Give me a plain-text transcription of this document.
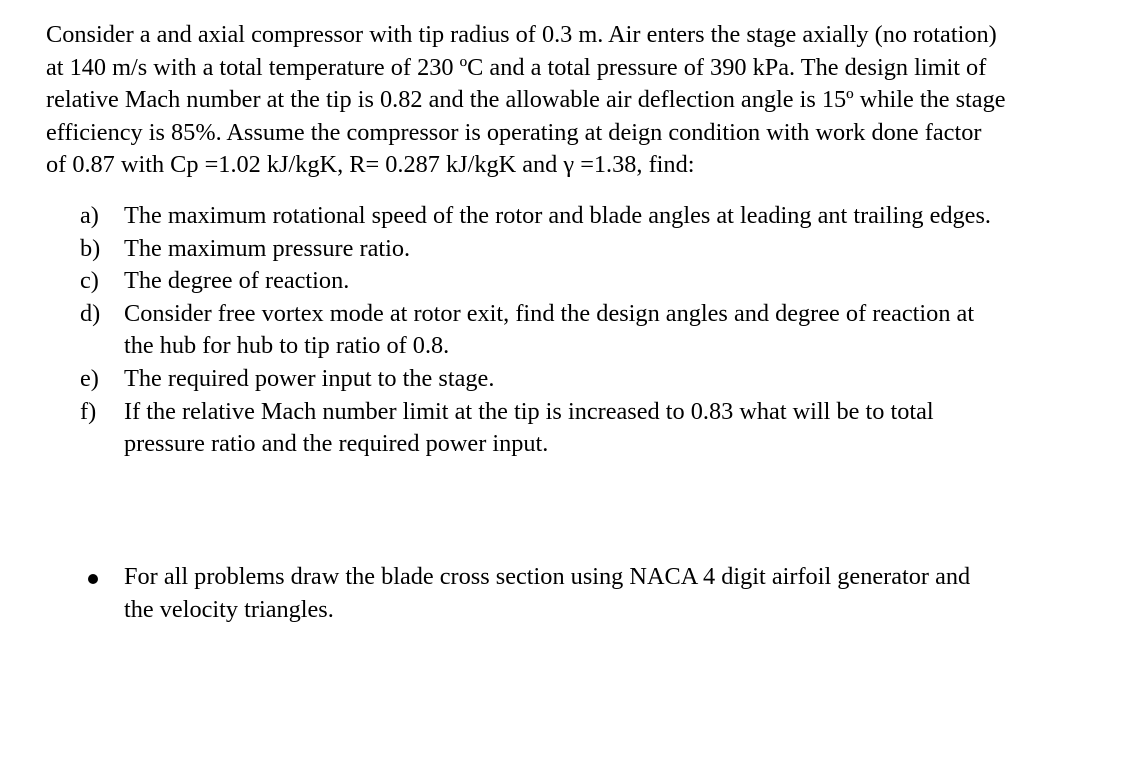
Consider a and axial compressor with tip radius of 0.3 m. Air enters the stage axially (no rotation)
at 140 m/s with a total temperature of 230 ºC and a total pressure of 390 kPa. The design limit of
relative Mach number at the tip is 0.82 and the allowable air deflection angle is 15º while the stage
efficiency is 85%. Assume the compressor is operating at deign condition with work done factor
of 0.87 with Cp =1.02 kJ/kgK, R= 0.287 kJ/kgK and γ =1.38, find:

a) The maximum rotational speed of the rotor and blade angles at leading ant trailing edges.
b) The maximum pressure ratio.
c) The degree of reaction.
d) Consider free vortex mode at rotor exit, find the design angles and degree of reaction at
the hub for hub to tip ratio of 0.8.
e) The required power input to the stage.
f) If the relative Mach number limit at the tip is increased to 0.83 what will be to total
pressure ratio and the required power input.
For all problems draw the blade cross section using NACA 4 digit airfoil generator and
the velocity triangles.
